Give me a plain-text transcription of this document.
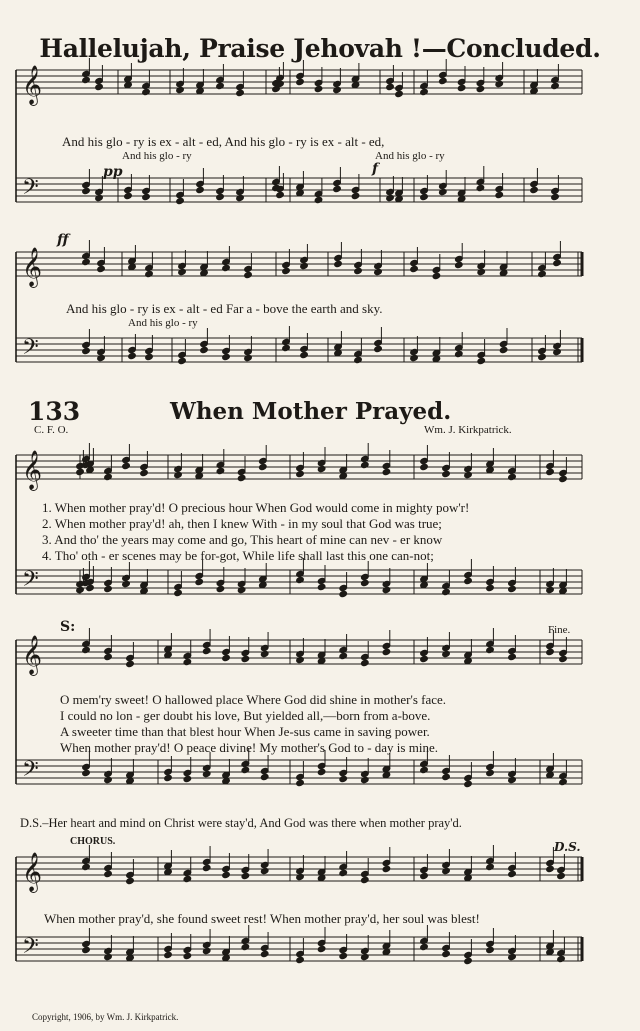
𝄞
𝄢
𝄞
𝄢
𝄞
𝄢
𝄞
𝄢
𝄞
𝄢
Hallelujah, Praise Jehovah !—Concluded.
pp	f
And his glo - ry is ex - alt - ed, And his glo - ry is ex - alt - ed,
And his glo - ry	And his glo - ry
ff
And his glo - ry is ex - alt - ed Far a - bove the earth and sky.
And his glo - ry
133	When Mother Prayed.
C. F. O.	Wm. J. Kirkpatrick.
1. When mother pray'd! O precious hour When God would come in mighty pow'r!
2. When mother pray'd! ah, then I knew With - in my soul that God was true;
3. And tho' the years may come and go, This heart of mine can nev - er know
4. Tho' oth - er scenes may be for-got, While life shall last this one can-not;
S:	Fine.
O mem'ry sweet! O hallowed place Where God did shine in mother's face.
I could no lon - ger doubt his love, But yielded all,—born from a-bove.
A sweeter time than that blest hour When Je-sus came in saving power.
When mother pray'd! O peace divine! My mother's God to - day is mine.
D.S.–Her heart and mind on Christ were stay'd, And God was there when mother pray'd.
CHORUS.	D.S.
When mother pray'd, she found sweet rest! When mother pray'd, her soul was blest!
Copyright, 1906, by Wm. J. Kirkpatrick.
